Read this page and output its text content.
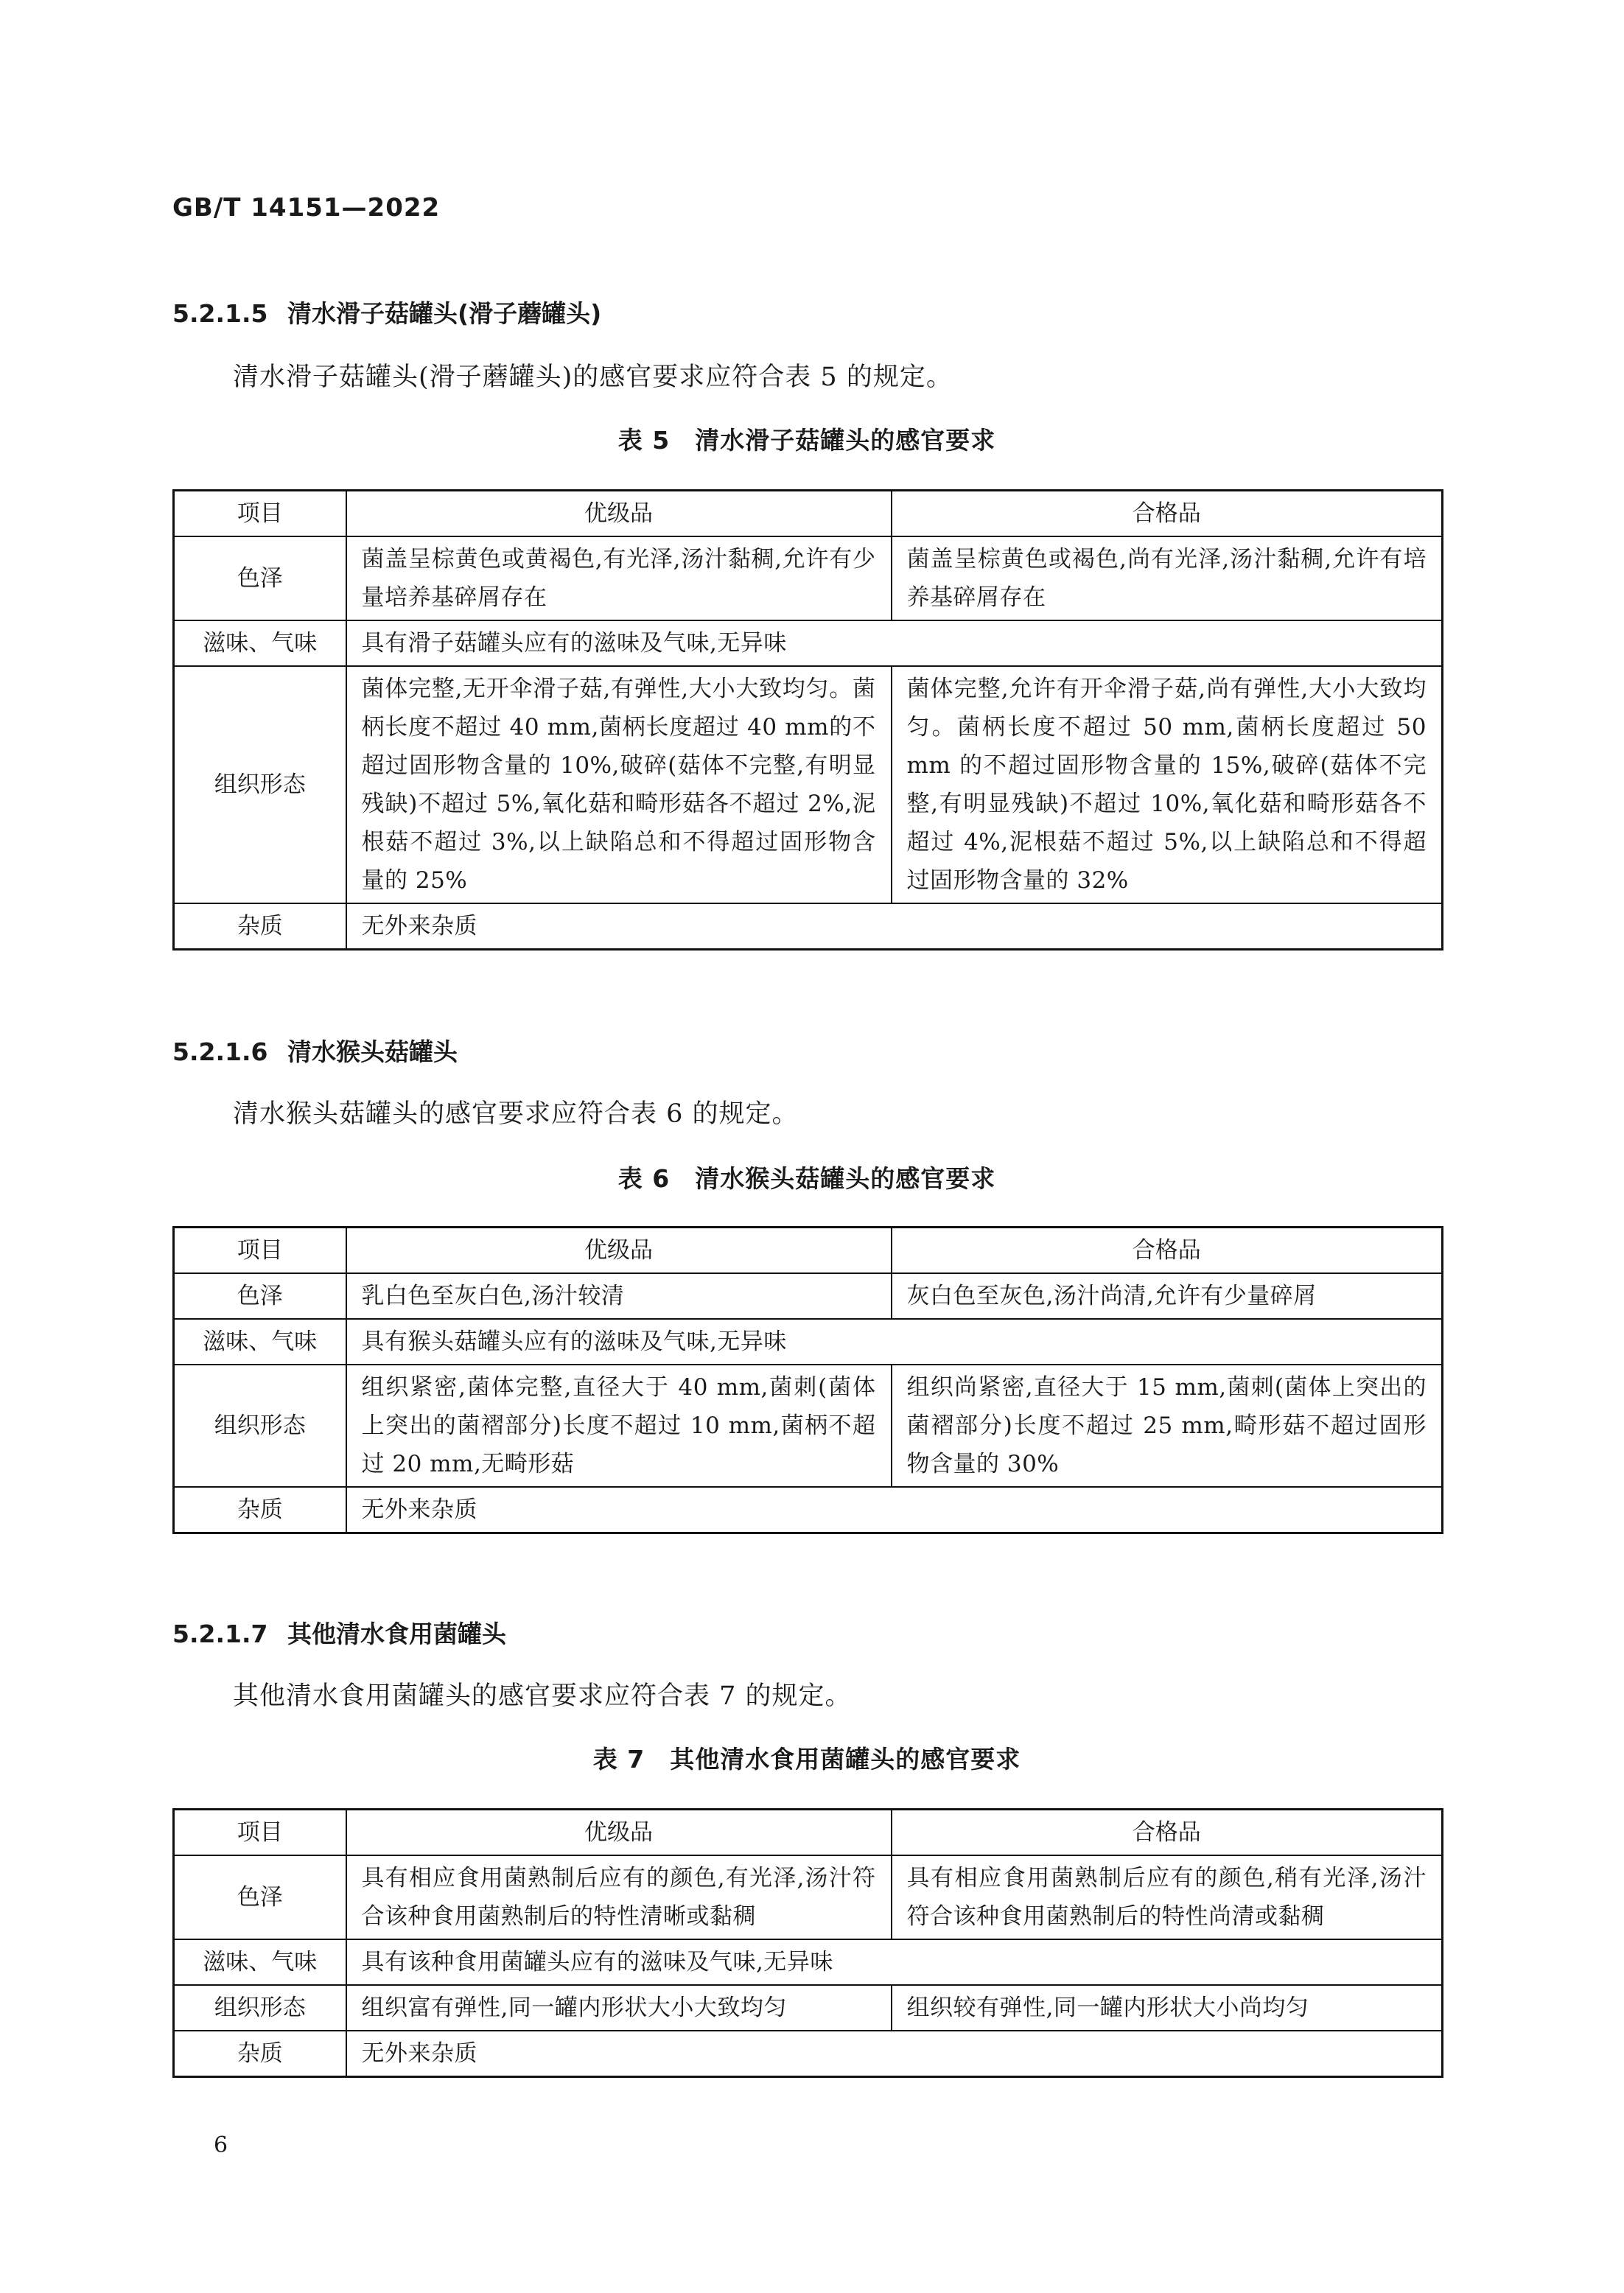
GB/T 14151—2022
5.2.1.5 清水滑子菇罐头(滑子蘑罐头)
清水滑子菇罐头(滑子蘑罐头)的感官要求应符合表 5 的规定。
表 5 清水滑子菇罐头的感官要求
项目	优级品	合格品
色泽	菌盖呈棕黄色或黄褐色,有光泽,汤汁黏稠,允许有少量培养基碎屑存在	菌盖呈棕黄色或褐色,尚有光泽,汤汁黏稠,允许有培养基碎屑存在
滋味、气味	具有滑子菇罐头应有的滋味及气味,无异味	
组织形态	菌体完整,无开伞滑子菇,有弹性,大小大致均匀。菌柄长度不超过 40 mm,菌柄长度超过 40 mm的不超过固形物含量的 10%,破碎(菇体不完整,有明显残缺)不超过 5%,氧化菇和畸形菇各不超过 2%,泥根菇不超过 3%,以上缺陷总和不得超过固形物含量的 25%	菌体完整,允许有开伞滑子菇,尚有弹性,大小大致均匀。菌柄长度不超过 50 mm,菌柄长度超过 50 mm 的不超过固形物含量的 15%,破碎(菇体不完整,有明显残缺)不超过 10%,氧化菇和畸形菇各不超过 4%,泥根菇不超过 5%,以上缺陷总和不得超过固形物含量的 32%
杂质	无外来杂质	
5.2.1.6 清水猴头菇罐头
清水猴头菇罐头的感官要求应符合表 6 的规定。
表 6 清水猴头菇罐头的感官要求
项目	优级品	合格品
色泽	乳白色至灰白色,汤汁较清	灰白色至灰色,汤汁尚清,允许有少量碎屑
滋味、气味	具有猴头菇罐头应有的滋味及气味,无异味	
组织形态	组织紧密,菌体完整,直径大于 40 mm,菌刺(菌体上突出的菌褶部分)长度不超过 10 mm,菌柄不超过 20 mm,无畸形菇	组织尚紧密,直径大于 15 mm,菌刺(菌体上突出的菌褶部分)长度不超过 25 mm,畸形菇不超过固形物含量的 30%
杂质	无外来杂质	
5.2.1.7 其他清水食用菌罐头
其他清水食用菌罐头的感官要求应符合表 7 的规定。
表 7 其他清水食用菌罐头的感官要求
项目	优级品	合格品
色泽	具有相应食用菌熟制后应有的颜色,有光泽,汤汁符合该种食用菌熟制后的特性清晰或黏稠	具有相应食用菌熟制后应有的颜色,稍有光泽,汤汁符合该种食用菌熟制后的特性尚清或黏稠
滋味、气味	具有该种食用菌罐头应有的滋味及气味,无异味	
组织形态	组织富有弹性,同一罐内形状大小大致均匀	组织较有弹性,同一罐内形状大小尚均匀
杂质	无外来杂质	
6
